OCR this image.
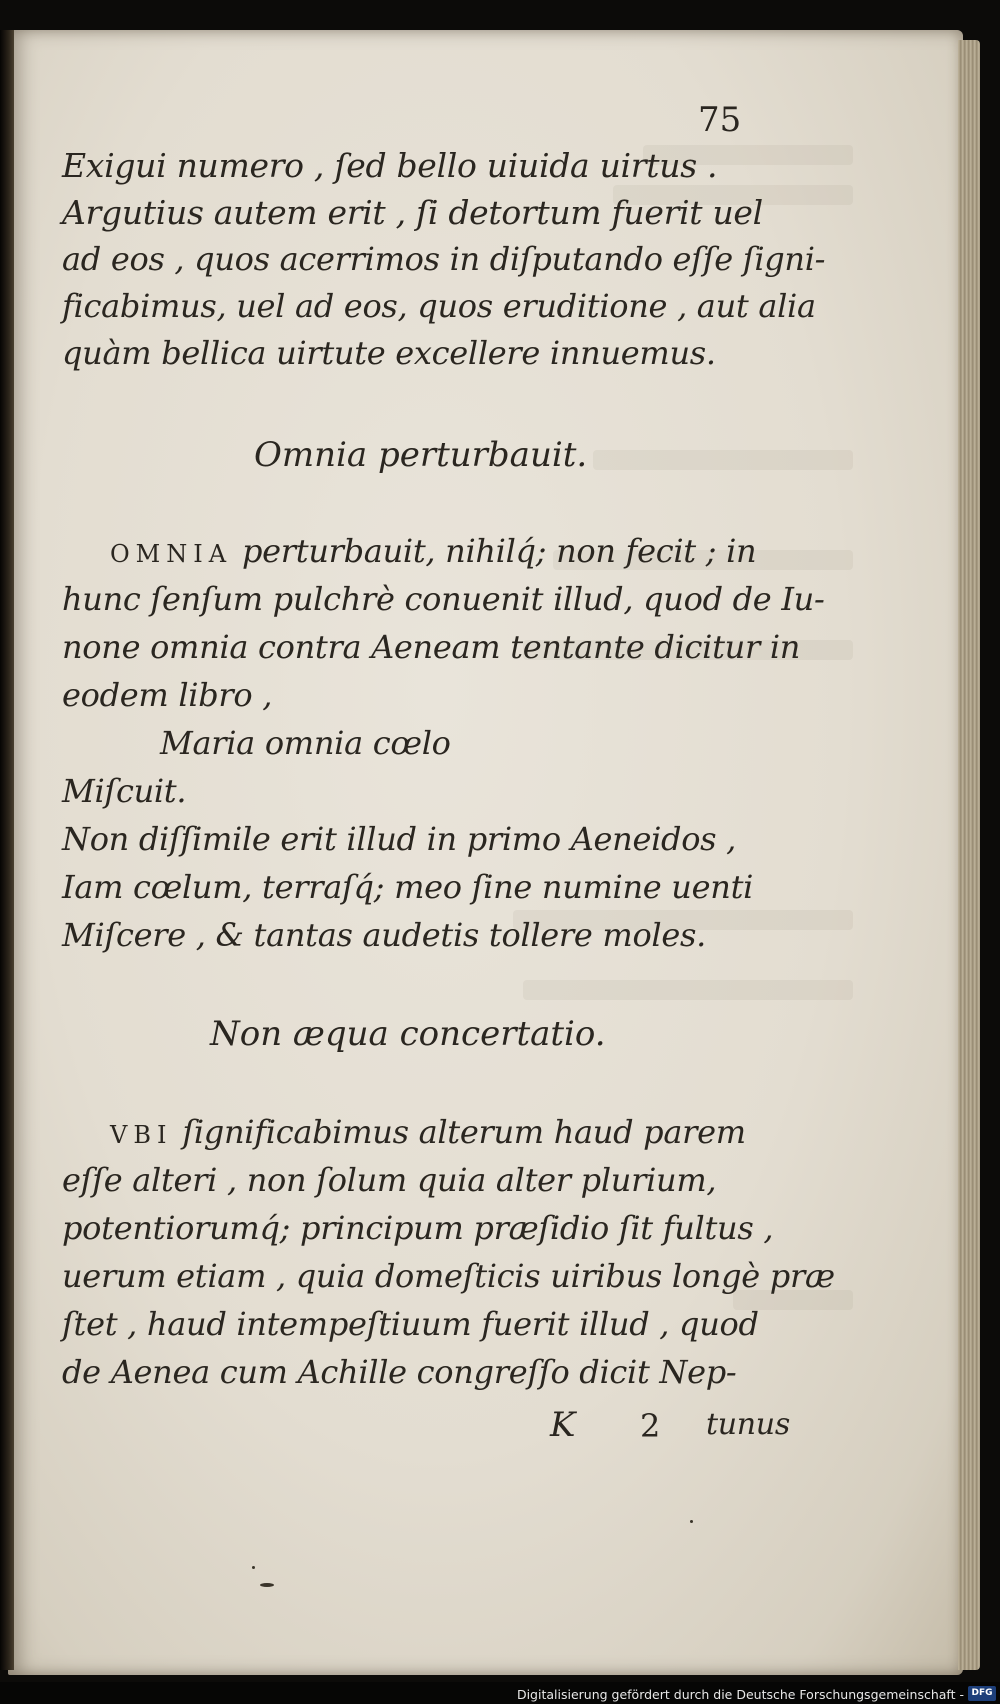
75
Exigui numero , ſed bello uiuida uirtus .
Argutius autem erit , ſi detortum fuerit uel
ad eos , quos acerrimos in diſputando eſſe ſigni-
ficabimus, uel ad eos, quos eruditione , aut alia
quàm bellica uirtute excellere innuemus.
Omnia perturbauit.
OMNIA perturbauit, nihilq́; non fecit ; in
hunc ſenſum pulchrè conuenit illud, quod de Iu-
none omnia contra Aeneam tentante dicitur in
eodem libro ,
Maria omnia cœlo
Miſcuit.
Non diſſimile erit illud in primo Aeneidos ,
Iam cœlum, terraſq́; meo ſine numine uenti
Miſcere , & tantas audetis tollere moles.
Non æqua concertatio.
VBI ſignificabimus alterum haud parem
eſſe alteri , non ſolum quia alter plurium,
potentiorumq́; principum præſidio ſit fultus ,
uerum etiam , quia domeſticis uiribus longè præ
ſtet , haud intempeſtiuum fuerit illud , quod
de Aenea cum Achille congreſſo dicit Nep-
K 2 tunus
Digitalisierung gefördert durch die Deutsche Forschungsgemeinschaft - DFG
